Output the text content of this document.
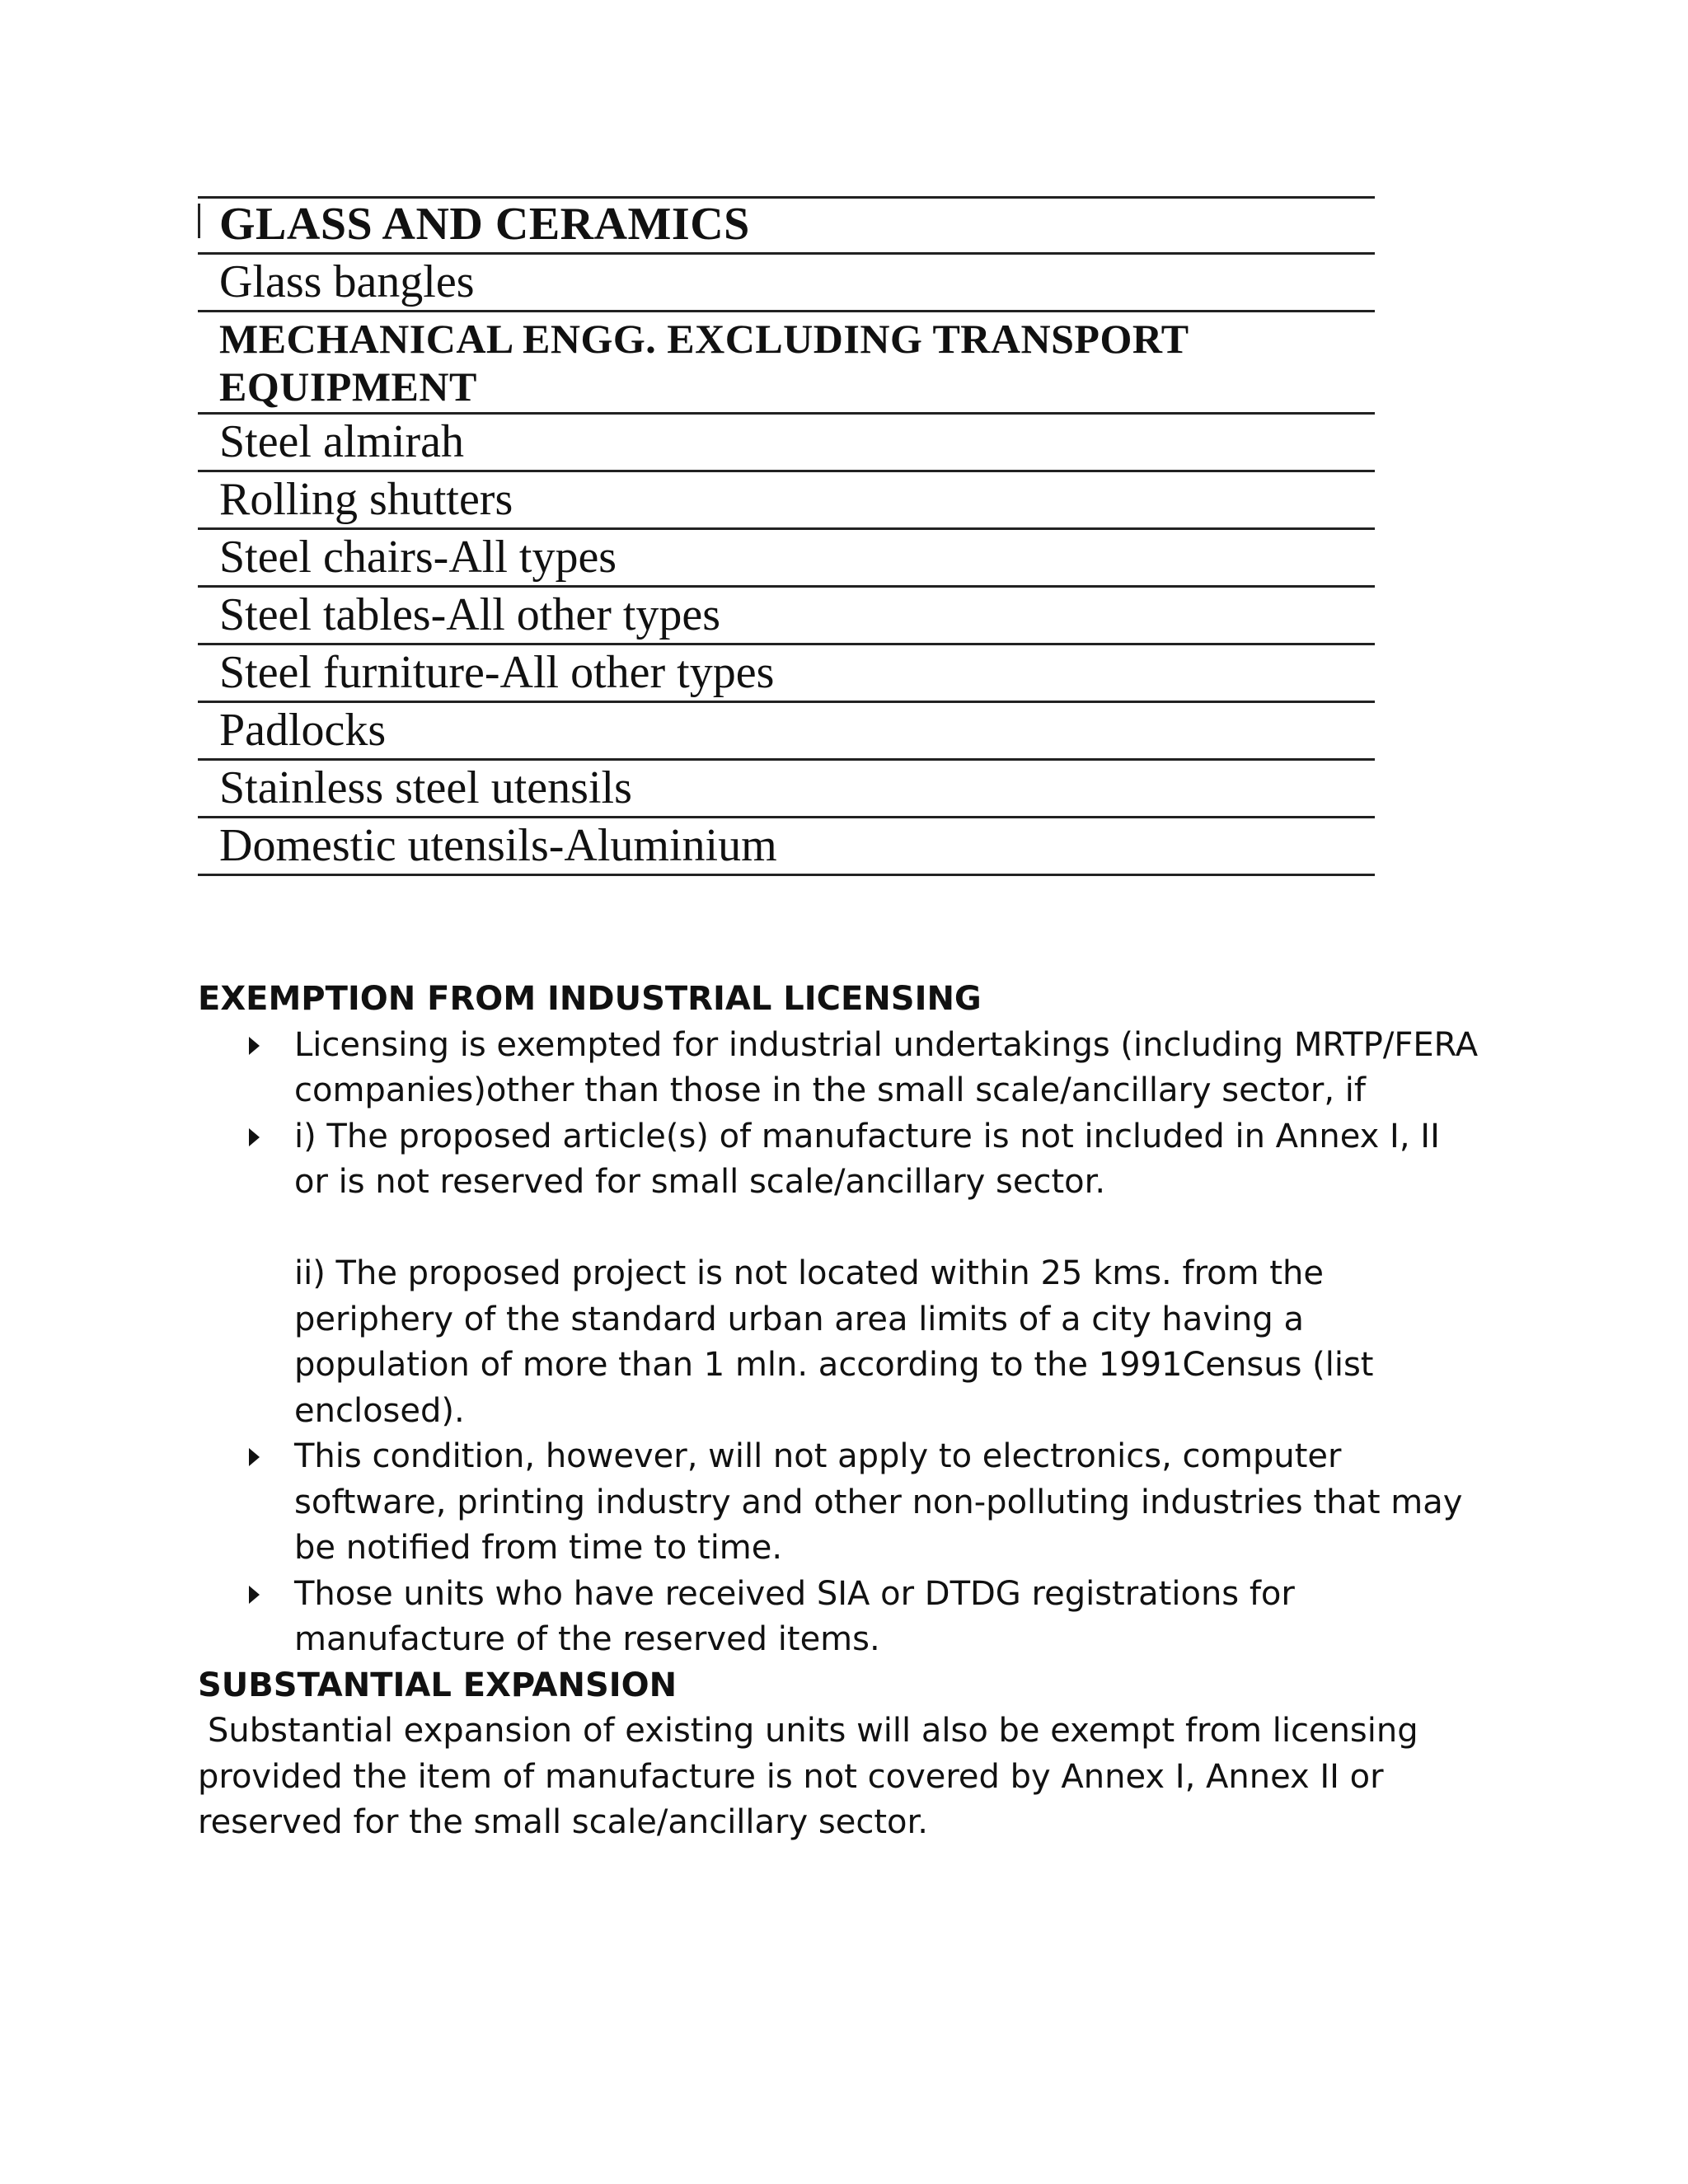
GLASS AND CERAMICS
Glass bangles
MECHANICAL ENGG. EXCLUDING TRANSPORT
EQUIPMENT
Steel almirah
Rolling shutters
Steel chairs-All types
Steel tables-All other types
Steel furniture-All other types
Padlocks
Stainless steel utensils
Domestic utensils-Aluminium
EXEMPTION FROM INDUSTRIAL LICENSING

Licensing is exempted for industrial undertakings (including MRTP/FERA companies)other than those in the small scale/ancillary sector, if

i) The proposed article(s) of manufacture is not included in Annex I, II or is not reserved for small scale/ancillary sector.

ii) The proposed project is not located within 25 kms. from the periphery of the standard urban area limits of a city having a population of more than 1 mln. according to the 1991Census (list enclosed).

This condition, however, will not apply to electronics, computer software, printing industry and other non-polluting industries that may be notified from time to time.

Those units who have received SIA or DTDG registrations for manufacture of the reserved items.

SUBSTANTIAL EXPANSION

Substantial expansion of existing units will also be exempt from licensing provided the item of manufacture is not covered by Annex I, Annex II or reserved for the small scale/ancillary sector.
